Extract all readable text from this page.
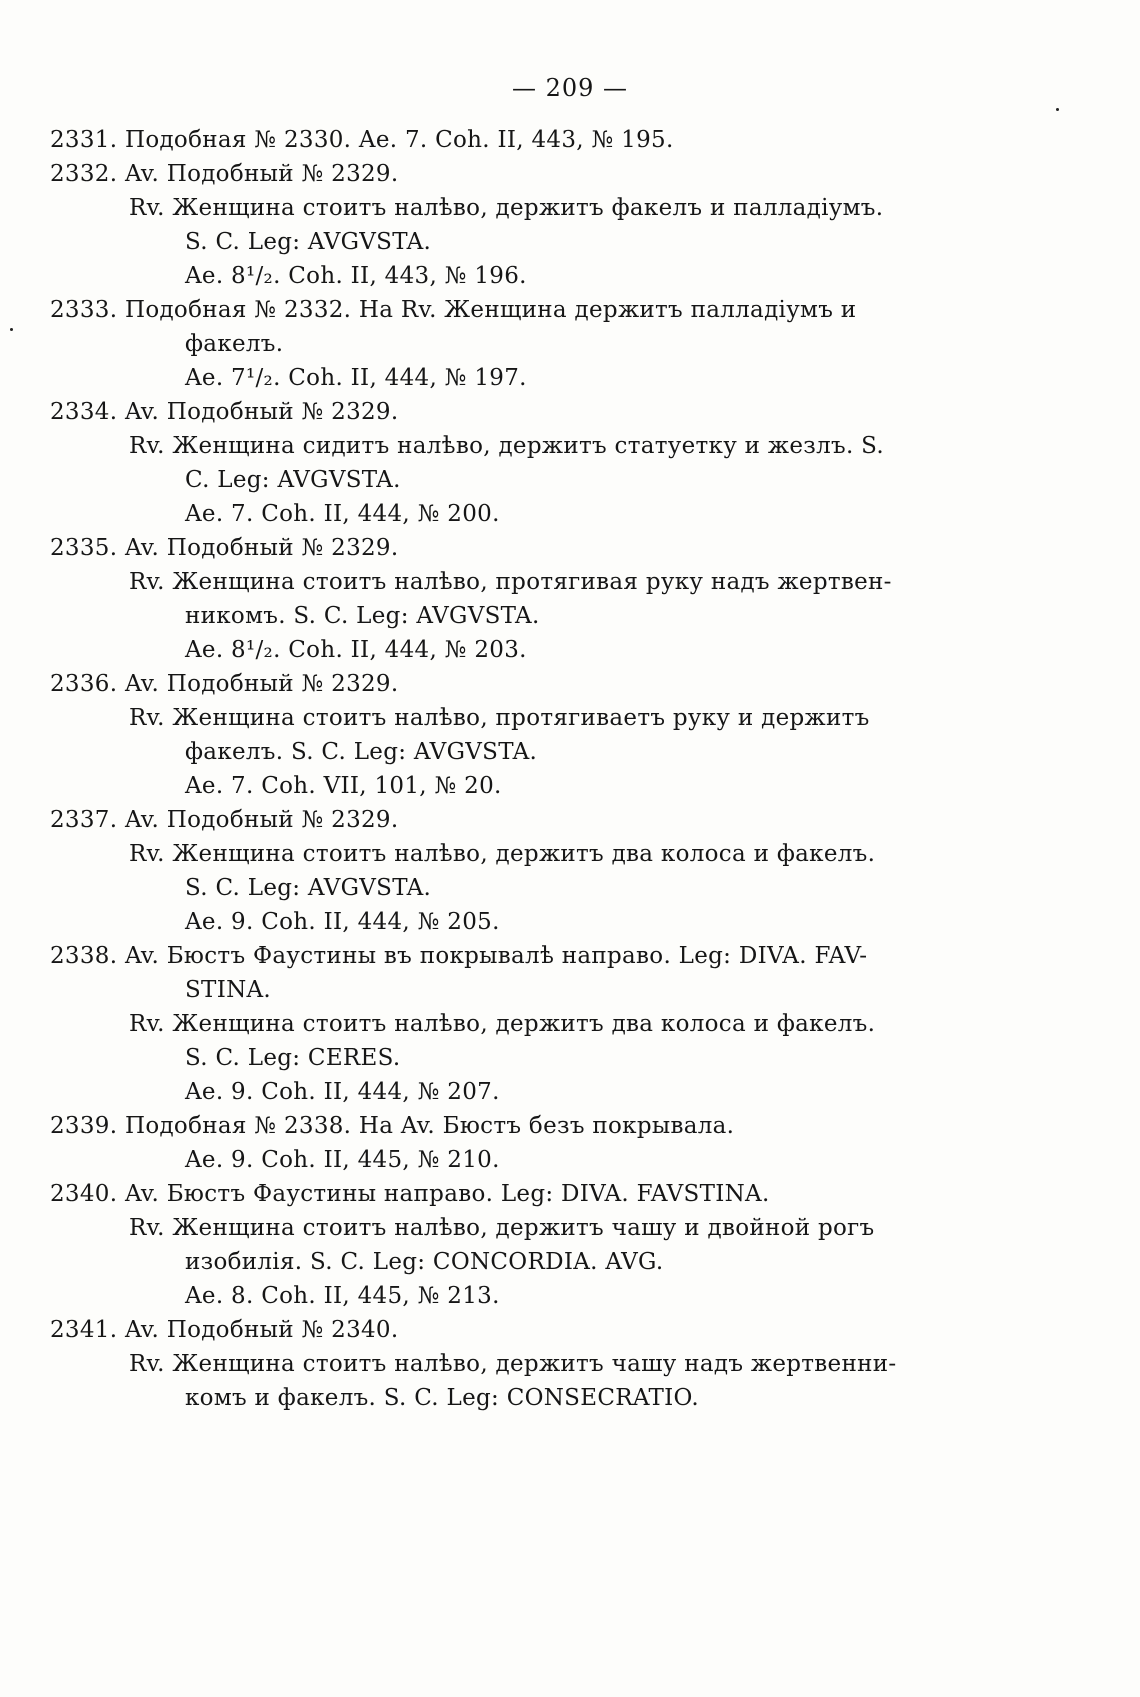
— 209 —
2331. Подобная № 2330. Ae. 7. Coh. II, 443, № 195.
2332. Av. Подобный № 2329.
Rv. Женщина стоитъ налѣво, держитъ факелъ и палладіумъ.
S. C. Leg: AVGVSTA.
Ae. 8¹/₂. Coh. II, 443, № 196.
2333. Подобная № 2332. На Rv. Женщина держитъ палладіумъ и
факелъ.
Ae. 7¹/₂. Coh. II, 444, № 197.
2334. Av. Подобный № 2329.
Rv. Женщина сидитъ налѣво, держитъ статуетку и жезлъ. S.
C. Leg: AVGVSTA.
Ae. 7. Coh. II, 444, № 200.
2335. Av. Подобный № 2329.
Rv. Женщина стоитъ налѣво, протягивая руку надъ жертвен-
никомъ. S. C. Leg: AVGVSTA.
Ae. 8¹/₂. Coh. II, 444, № 203.
2336. Av. Подобный № 2329.
Rv. Женщина стоитъ налѣво, протягиваетъ руку и держитъ
факелъ. S. C. Leg: AVGVSTA.
Ae. 7. Coh. VII, 101, № 20.
2337. Av. Подобный № 2329.
Rv. Женщина стоитъ налѣво, держитъ два колоса и факелъ.
S. C. Leg: AVGVSTA.
Ae. 9. Coh. II, 444, № 205.
2338. Av. Бюстъ Фаустины въ покрывалѣ направо. Leg: DIVA. FAV-
STINA.
Rv. Женщина стоитъ налѣво, держитъ два колоса и факелъ.
S. C. Leg: CERES.
Ae. 9. Coh. II, 444, № 207.
2339. Подобная № 2338. На Av. Бюстъ безъ покрывала.
Ae. 9. Coh. II, 445, № 210.
2340. Av. Бюстъ Фаустины направо. Leg: DIVA. FAVSTINA.
Rv. Женщина стоитъ налѣво, держитъ чашу и двойной рогъ
изобилія. S. C. Leg: CONCORDIA. AVG.
Ae. 8. Coh. II, 445, № 213.
2341. Av. Подобный № 2340.
Rv. Женщина стоитъ налѣво, держитъ чашу надъ жертвенни-
комъ и факелъ. S. C. Leg: CONSECRATIO.
